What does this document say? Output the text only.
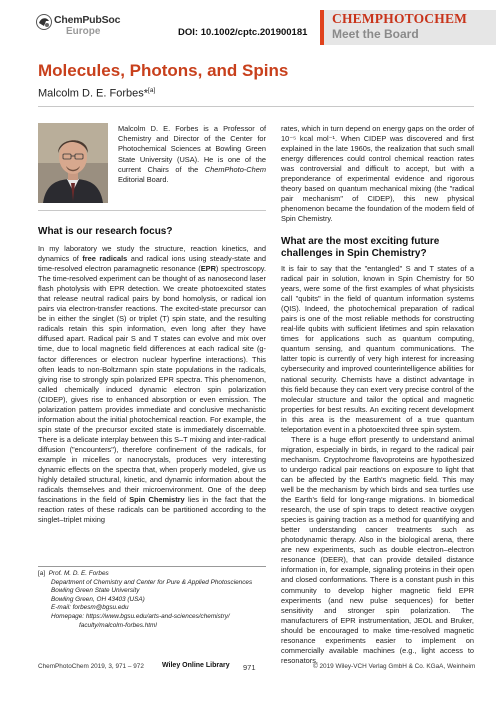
ChemPubSoc
Europe	DOI: 10.1002/cptc.201900181
CHEMPHOTOCHEM
Meet the Board
Molecules, Photons, and Spins
Malcolm D. E. Forbes*[a]
Malcolm D. E. Forbes is a Professor of Chemistry and Director of the Center for Photochemical Sciences at Bowling Green State University (USA). He is one of the current Chairs of the ChemPhoto-Chem Editorial Board.

rates, which in turn depend on energy gaps on the order of 10⁻⁵ kcal mol⁻¹. When CIDEP was discovered and first explained in the late 1960s, the realization that such small energy differences could control chemical reaction rates was controversial and difficult to accept, but with a preponderance of experimental evidence and rigorous theory based on quantum mechanical mixing (the "radical pair mechanism" of CIDEP), this new physical phenomenon became the foundation of the modern field of Spin Chemistry.

What is our research focus?

In my laboratory we study the structure, reaction kinetics, and dynamics of free radicals and radical ions using steady-state and time-resolved electron paramagnetic resonance (EPR) spectroscopy. The time-resolved experiment can be thought of as nanosecond laser flash photolysis with EPR detection. We create photoexcited states that release neutral radical pairs by bond homolysis, or radical ion pairs via electron-transfer reactions. The excited-state precursor can be in either the singlet (S) or triplet (T) spin state, and the resulting radicals retain this spin information, even long after they have diffused apart. Radical pair S and T states can evolve and mix over time, due to local magnetic field differences at each radical site (g-factor differences or electron nuclear hyperfine interactions). This often leads to non-Boltzmann spin state populations in the radicals, giving rise to strongly spin polarized EPR spectra. This phenomenon, called chemically induced dynamic electron spin polarization (CIDEP), gives rise to enhanced absorption or even emission. The polarization pattern provides immediate and conclusive mechanistic information about the initial photochemical reaction. For example, the spin state of the precursor excited state is immediately discernable. There is a delicate interplay between this S–T mixing and inter-radical diffusion ("encounters"), therefore confinement of the radicals, for example in micelles or nanocrystals, produces very interesting dynamic effects on the spectra that, when properly modeled, give us highly detailed structural, kinetic, and dynamic information about the radicals themselves and their microenvironment. One of the deep fascinations in the field of Spin Chemistry lies in the fact that the reaction rates of these radicals can be partitioned according to the singlet–triplet mixing

What are the most exciting future challenges in Spin Chemistry?

It is fair to say that the "entangled" S and T states of a radical pair in solution, known in Spin Chemistry for 50 years, were some of the first examples of what physicists call "qubits" in the field of quantum information systems (QIS). Indeed, the photochemical preparation of radical pairs is one of the most reliable methods for constructing real-life qubits with sufficient lifetimes and spin relaxation times for applications such as quantum computing, quantum sensing, and quantum communications. The latter topic is currently of very high interest for increasing cybersecurity and improved counterintelligence abilities for national security. Chemists have a distinct advantage in this field because they can exert very precise control of the molecular structure and tailor the optical and magnetic properties for best results. An exciting recent development in this area is the measurement of a true quantum teleportation event in a photoexcited three spin system.

There is a huge effort presently to understand animal migration, especially in birds, in regard to the radical pair mechanism. Cryptochrome flavoproteins are hypothesized to undergo radical pair reactions on exposure to light that can be affected by the Earth's magnetic field. This may well be the mechanism by which birds and sea turtles use the Earth's field for long-range migrations. In biomedical research, the use of spin traps to detect reactive oxygen species is gaining traction as a method for quantifying and better understanding cancer treatments such as photodynamic therapy. Also in the biological arena, there are new experiments, such as double electron–electron resonance (DEER), that can provide detailed distance information in, for example, signaling proteins in their open and closed conformations. There is a constant push in this community to develop higher magnetic field EPR experiments (and new pulse sequences) for better sensitivity and stronger spin polarization. The manufacturers of EPR instrumentation, JEOL and Bruker, should be encouraged to make time-resolved magnetic resonance experiments easier to implement on commercially available machines (e.g., light access to resonators,

[a] Prof. M. D. E. Forbes
Department of Chemistry and Center for Pure & Applied Photosciences
Bowling Green State University
Bowling Green, OH 43403 (USA)
E-mail: forbesm@bgsu.edu
Homepage: https://www.bgsu.edu/arts-and-sciences/chemistry/
faculty/malcolm-forbes.html
ChemPhotoChem 2019, 3, 971 – 972	Wiley Online Library 971	© 2019 Wiley-VCH Verlag GmbH & Co. KGaA, Weinheim
